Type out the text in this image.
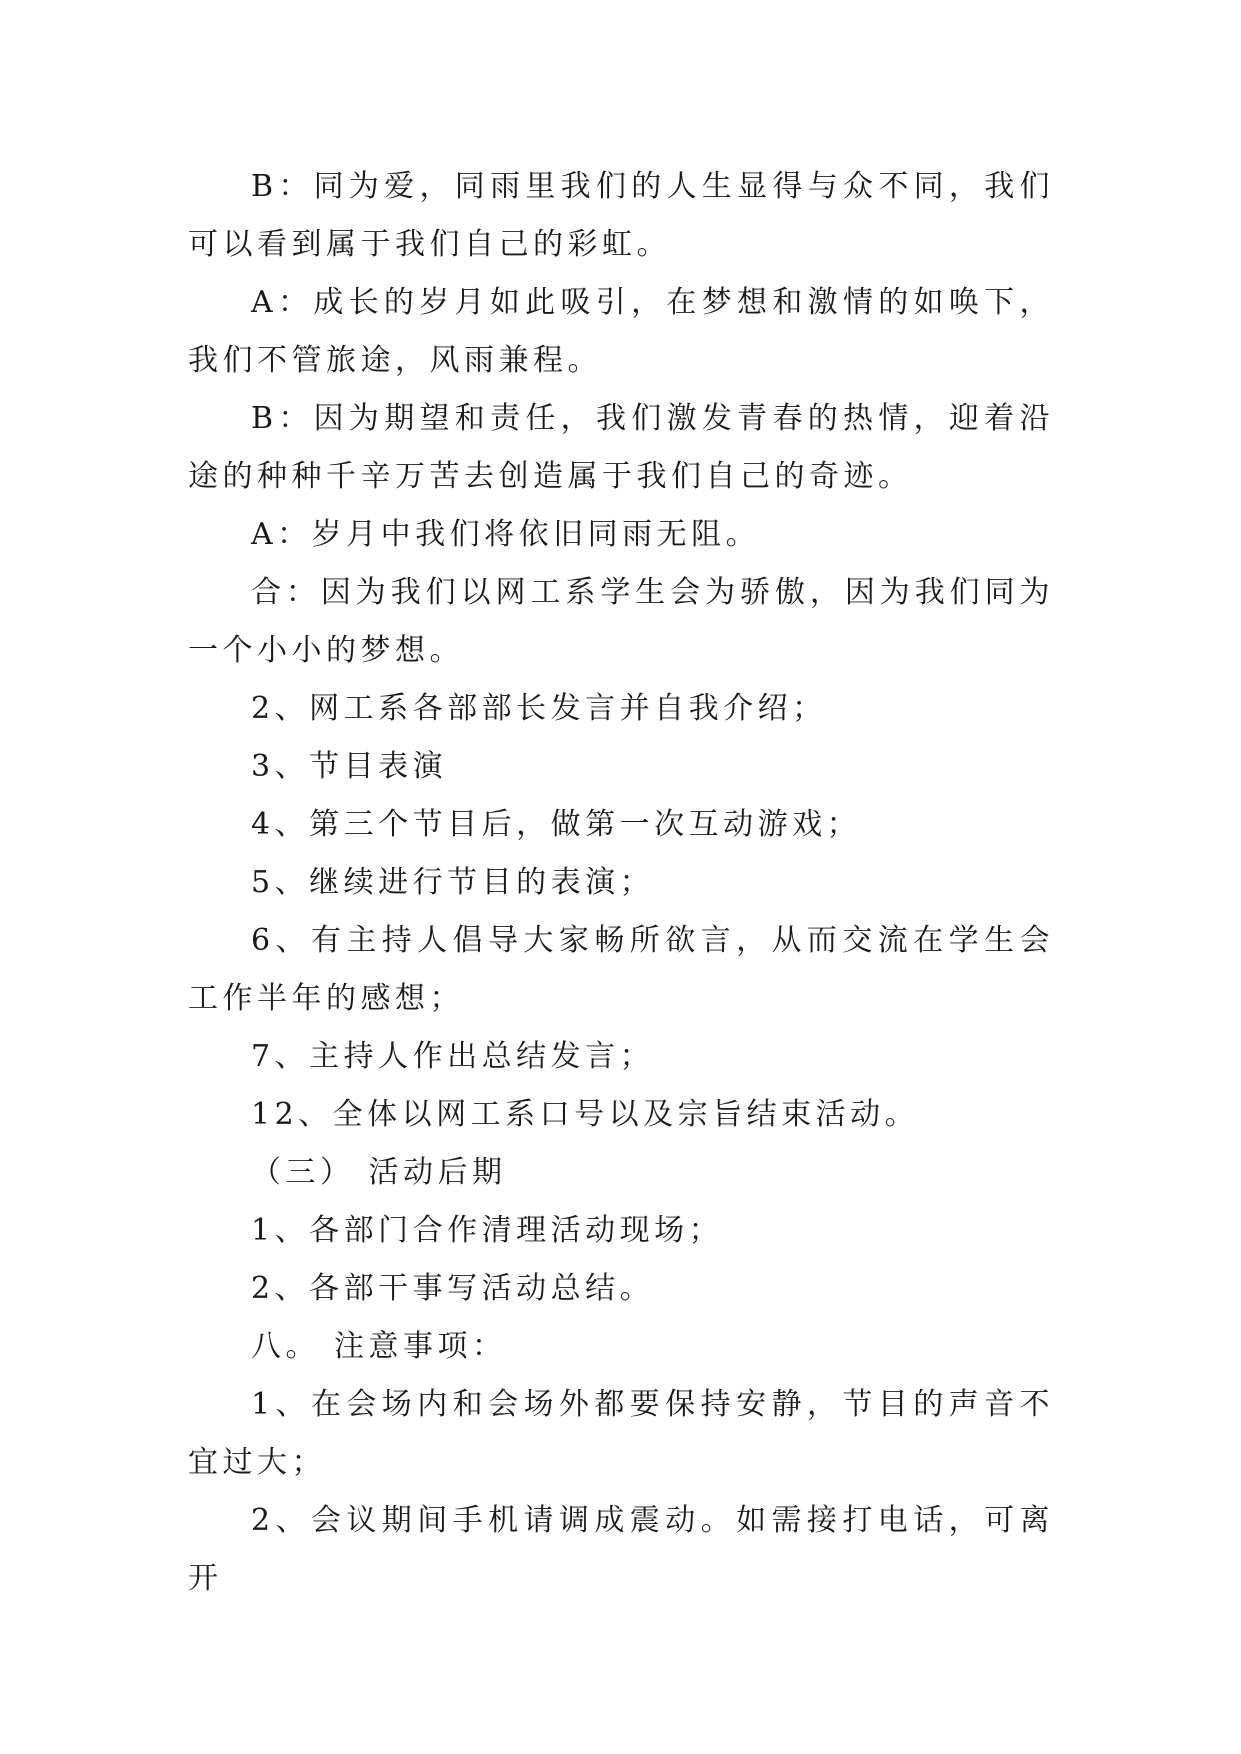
B：同为爱，同雨里我们的人生显得与众不同，我们可以看到属于我们自己的彩虹。

A：成长的岁月如此吸引，在梦想和激情的如唤下，我们不管旅途，风雨兼程。

B：因为期望和责任，我们激发青春的热情，迎着沿途的种种千辛万苦去创造属于我们自己的奇迹。

A：岁月中我们将依旧同雨无阻。

合：因为我们以网工系学生会为骄傲，因为我们同为一个小小的梦想。

2、网工系各部部长发言并自我介绍；

3、节目表演

4、第三个节目后，做第一次互动游戏；

5、继续进行节目的表演；

6、有主持人倡导大家畅所欲言，从而交流在学生会工作半年的感想；

7、主持人作出总结发言；

12、全体以网工系口号以及宗旨结束活动。

（三） 活动后期

1、各部门合作清理活动现场；

2、各部干事写活动总结。

八。 注意事项：

1、在会场内和会场外都要保持安静，节目的声音不宜过大；

2、会议期间手机请调成震动。如需接打电话，可离开
